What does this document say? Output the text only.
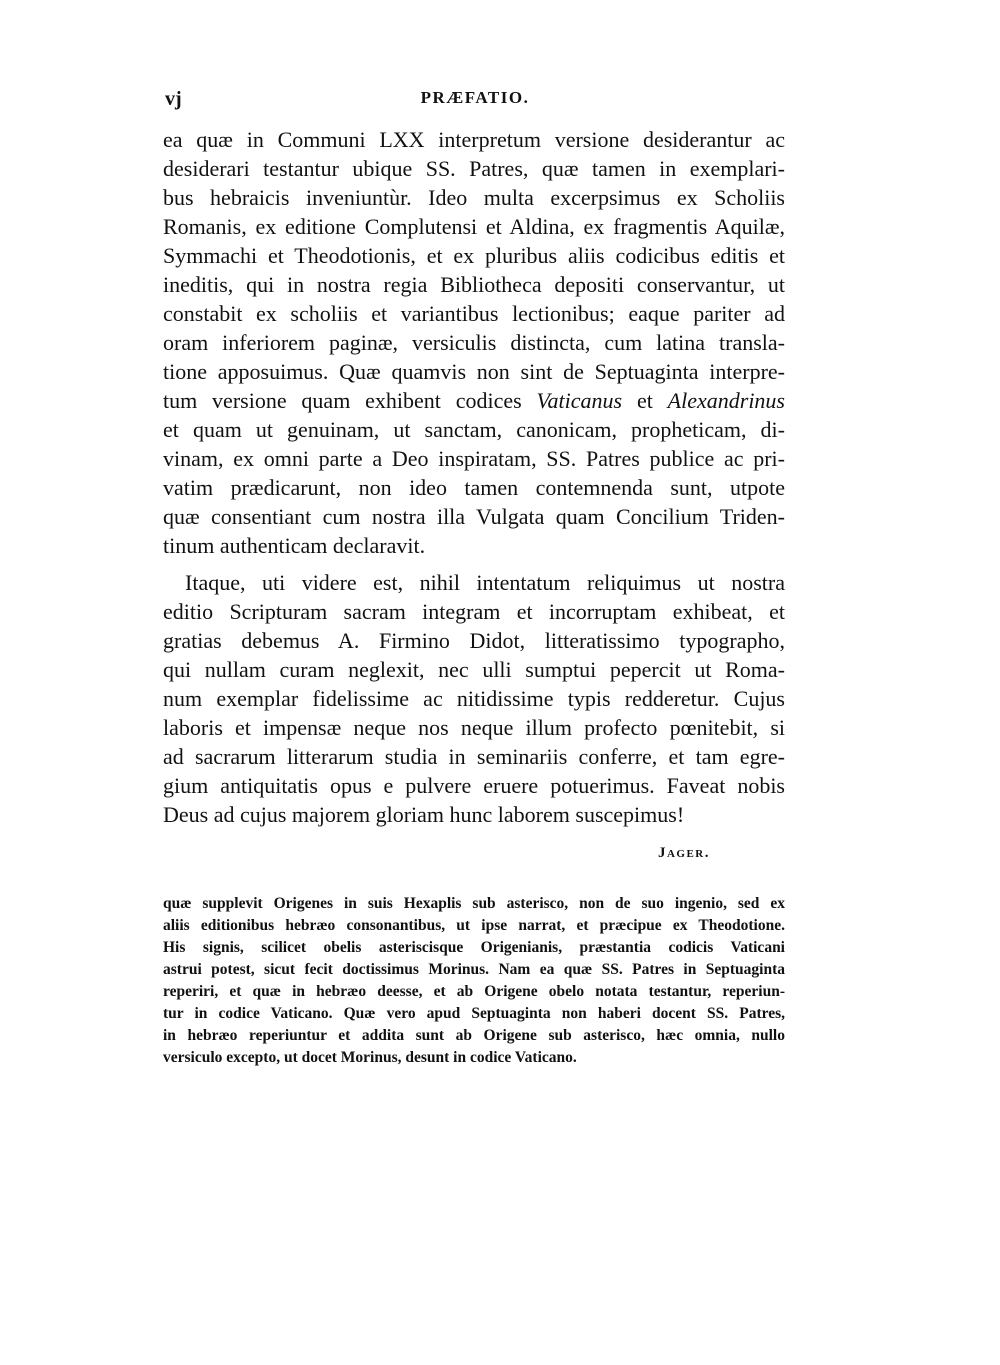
vj	PRÆFATIO.
ea quæ in Communi LXX interpretum versione desiderantur ac
desiderari testantur ubique SS. Patres, quæ tamen in exemplari-
bus hebraicis inveniuntùr. Ideo multa excerpsimus ex Scholiis
Romanis, ex editione Complutensi et Aldina, ex fragmentis Aquilæ,
Symmachi et Theodotionis, et ex pluribus aliis codicibus editis et
ineditis, qui in nostra regia Bibliotheca depositi conservantur, ut
constabit ex scholiis et variantibus lectionibus; eaque pariter ad
oram inferiorem paginæ, versiculis distincta, cum latina transla-
tione apposuimus. Quæ quamvis non sint de Septuaginta interpre-
tum versione quam exhibent codices Vaticanus et Alexandrinus
et quam ut genuinam, ut sanctam, canonicam, propheticam, di-
vinam, ex omni parte a Deo inspiratam, SS. Patres publice ac pri-
vatim prædicarunt, non ideo tamen contemnenda sunt, utpote
quæ consentiant cum nostra illa Vulgata quam Concilium Triden-
tinum authenticam declaravit.
Itaque, uti videre est, nihil intentatum reliquimus ut nostra
editio Scripturam sacram integram et incorruptam exhibeat, et
gratias debemus A. Firmino Didot, litteratissimo typographo,
qui nullam curam neglexit, nec ulli sumptui pepercit ut Roma-
num exemplar fidelissime ac nitidissime typis redderetur. Cujus
laboris et impensæ neque nos neque illum profecto pœnitebit, si
ad sacrarum litterarum studia in seminariis conferre, et tam egre-
gium antiquitatis opus e pulvere eruere potuerimus. Faveat nobis
Deus ad cujus majorem gloriam hunc laborem suscepimus!
Jager.
quæ supplevit Origenes in suis Hexaplis sub asterisco, non de suo ingenio, sed ex
aliis editionibus hebræo consonantibus, ut ipse narrat, et præcipue ex Theodotione.
His signis, scilicet obelis asteriscisque Origenianis, præstantia codicis Vaticani
astrui potest, sicut fecit doctissimus Morinus. Nam ea quæ SS. Patres in Septuaginta
reperiri, et quæ in hebræo deesse, et ab Origene obelo notata testantur, reperiun-
tur in codice Vaticano. Quæ vero apud Septuaginta non haberi docent SS. Patres,
in hebræo reperiuntur et addita sunt ab Origene sub asterisco, hæc omnia, nullo
versiculo excepto, ut docet Morinus, desunt in codice Vaticano.
